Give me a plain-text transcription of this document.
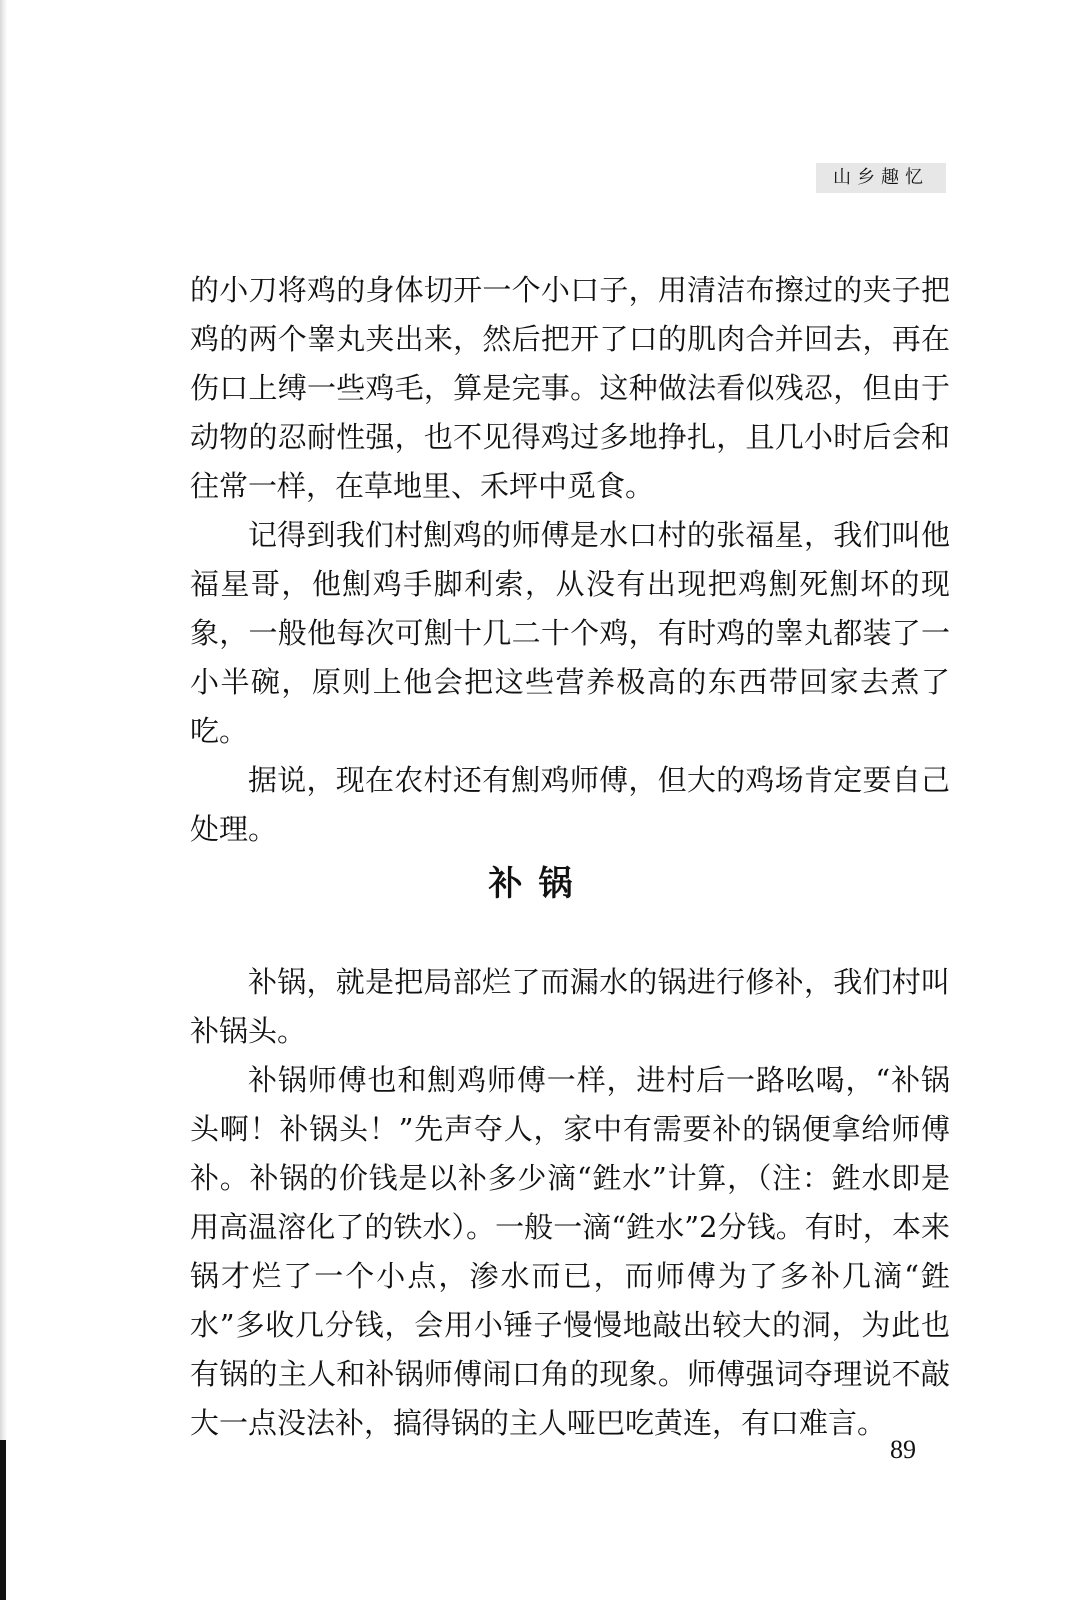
山乡趣忆

的小刀将鸡的身体切开一个小口子，用清洁布擦过的夹子把鸡的两个睾丸夹出来，然后把开了口的肌肉合并回去，再在伤口上缚一些鸡毛，算是完事。这种做法看似残忍，但由于动物的忍耐性强，也不见得鸡过多地挣扎，且几小时后会和往常一样，在草地里、禾坪中觅食。

记得到我们村劁鸡的师傅是水口村的张福星，我们叫他福星哥，他劁鸡手脚利索，从没有出现把鸡劁死劁坏的现象，一般他每次可劁十几二十个鸡，有时鸡的睾丸都装了一小半碗，原则上他会把这些营养极高的东西带回家去煮了吃。

据说，现在农村还有劁鸡师傅，但大的鸡场肯定要自己处理。

补锅

补锅，就是把局部烂了而漏水的锅进行修补，我们村叫补锅头。

补锅师傅也和劁鸡师傅一样，进村后一路吆喝，“补锅头啊！补锅头！”先声夺人，家中有需要补的锅便拿给师傅补。补锅的价钱是以补多少滴“鉎水”计算，（注：鉎水即是用高温溶化了的铁水）。一般一滴“鉎水”2分钱。有时，本来锅才烂了一个小点，渗水而已，而师傅为了多补几滴“鉎水”多收几分钱，会用小锤子慢慢地敲出较大的洞，为此也有锅的主人和补锅师傅闹口角的现象。师傅强词夺理说不敲大一点没法补，搞得锅的主人哑巴吃黄连，有口难言。

89
